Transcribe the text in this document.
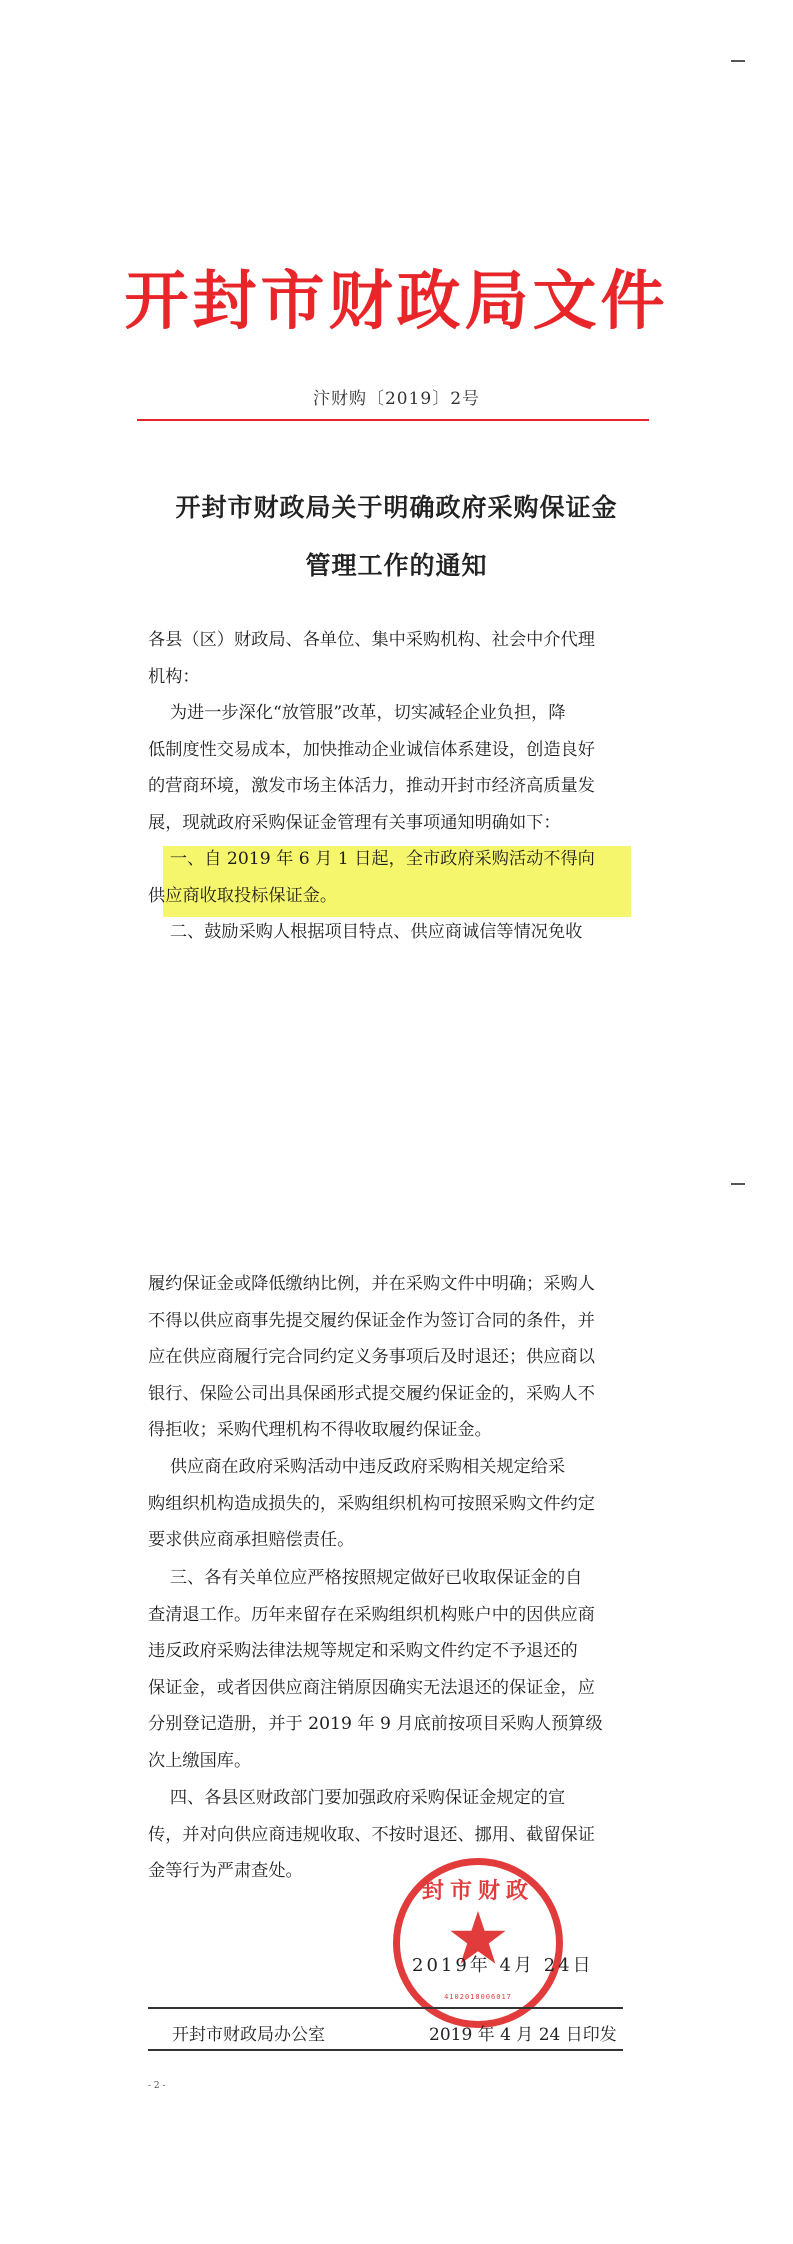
开封市财政局文件
汴财购〔2019〕2号
开封市财政局关于明确政府采购保证金
管理工作的通知
各县（区）财政局、各单位、集中采购机构、社会中介代理
机构：
为进一步深化“放管服”改革，切实减轻企业负担，降
低制度性交易成本，加快推动企业诚信体系建设，创造良好
的营商环境，激发市场主体活力，推动开封市经济高质量发
展，现就政府采购保证金管理有关事项通知明确如下：
一、自 2019 年 6 月 1 日起，全市政府采购活动不得向
供应商收取投标保证金。
二、鼓励采购人根据项目特点、供应商诚信等情况免收
履约保证金或降低缴纳比例，并在采购文件中明确；采购人
不得以供应商事先提交履约保证金作为签订合同的条件，并
应在供应商履行完合同约定义务事项后及时退还；供应商以
银行、保险公司出具保函形式提交履约保证金的，采购人不
得拒收；采购代理机构不得收取履约保证金。
供应商在政府采购活动中违反政府采购相关规定给采
购组织机构造成损失的，采购组织机构可按照采购文件约定
要求供应商承担赔偿责任。
三、各有关单位应严格按照规定做好已收取保证金的自
查清退工作。历年来留存在采购组织机构账户中的因供应商
违反政府采购法律法规等规定和采购文件约定不予退还的
保证金，或者因供应商注销原因确实无法退还的保证金，应
分别登记造册，并于 2019 年 9 月底前按项目采购人预算级
次上缴国库。
四、各县区财政部门要加强政府采购保证金规定的宣
传，并对向供应商违规收取、不按时退还、挪用、截留保证
金等行为严肃查处。
封市财政
4102010006017
2019年 4月 24日
开封市财政局办公室	2019 年 4 月 24 日印发
- 2 -
